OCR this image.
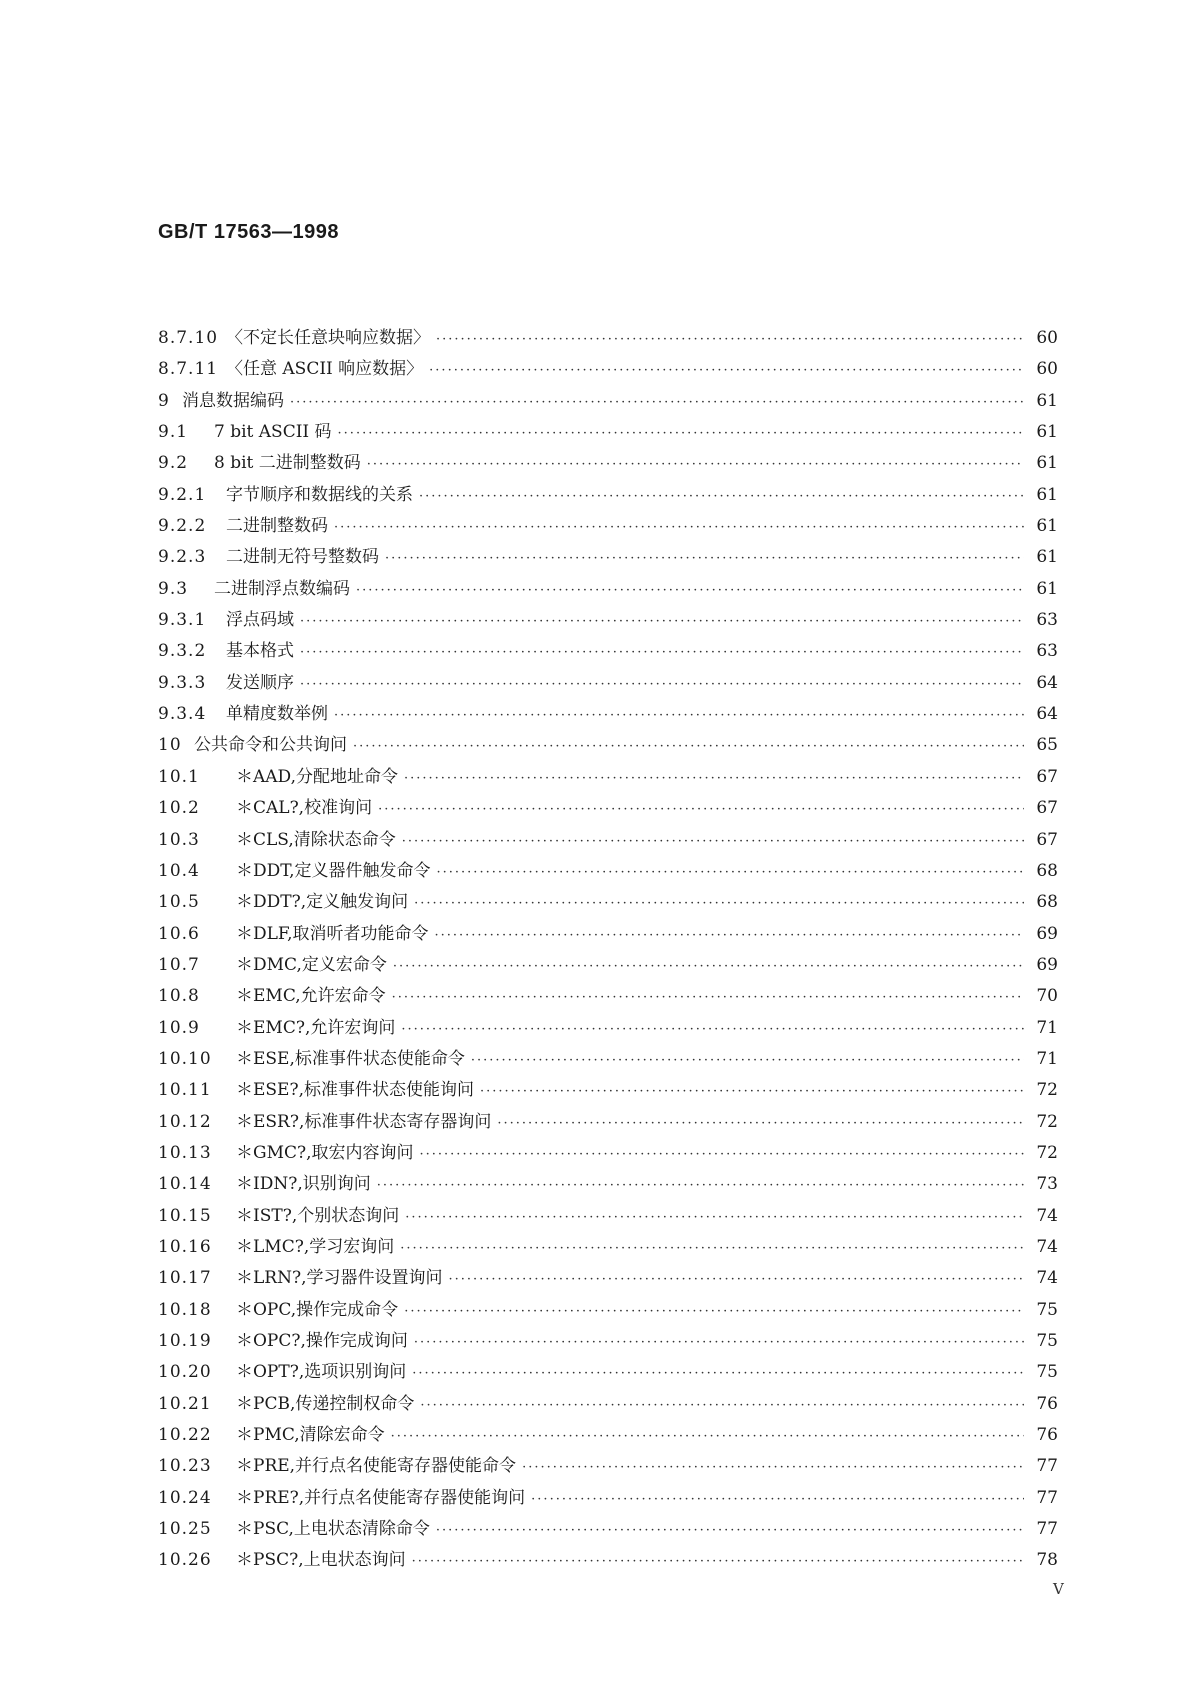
GB/T 17563—1998
8.7.10 〈不定长任意块响应数据〉 ·····	60
8.7.11 〈任意 ASCII 响应数据〉 ·····	60
9 消息数据编码 ·····	61
9.1	7 bit ASCII 码 ·····	61
9.2	8 bit 二进制整数码 ·····	61
9.2.1	字节顺序和数据线的关系 ·····	61
9.2.2	二进制整数码 ·····	61
9.2.3	二进制无符号整数码 ·····	61
9.3	二进制浮点数编码 ·····	61
9.3.1	浮点码域 ·····	63
9.3.2	基本格式 ·····	63
9.3.3	发送顺序 ·····	64
9.3.4	单精度数举例 ·····	64
10 公共命令和公共询问 ·····	65
10.1	＊AAD,分配地址命令 ·····	67
10.2	＊CAL?,校准询问 ·····	67
10.3	＊CLS,清除状态命令 ·····	67
10.4	＊DDT,定义器件触发命令 ·····	68
10.5	＊DDT?,定义触发询问 ·····	68
10.6	＊DLF,取消听者功能命令 ·····	69
10.7	＊DMC,定义宏命令 ·····	69
10.8	＊EMC,允许宏命令 ·····	70
10.9	＊EMC?,允许宏询问 ·····	71
10.10	＊ESE,标准事件状态使能命令 ·····	71
10.11	＊ESE?,标准事件状态使能询问 ·····	72
10.12	＊ESR?,标准事件状态寄存器询问 ·····	72
10.13	＊GMC?,取宏内容询问 ·····	72
10.14	＊IDN?,识别询问 ·····	73
10.15	＊IST?,个别状态询问 ·····	74
10.16	＊LMC?,学习宏询问 ·····	74
10.17	＊LRN?,学习器件设置询问 ·····	74
10.18	＊OPC,操作完成命令 ·····	75
10.19	＊OPC?,操作完成询问 ·····	75
10.20	＊OPT?,选项识别询问 ·····	75
10.21	＊PCB,传递控制权命令 ·····	76
10.22	＊PMC,清除宏命令 ·····	76
10.23	＊PRE,并行点名使能寄存器使能命令 ·····	77
10.24	＊PRE?,并行点名使能寄存器使能询问 ·····	77
10.25	＊PSC,上电状态清除命令 ·····	77
10.26	＊PSC?,上电状态询问 ·····	78
Ⅴ
